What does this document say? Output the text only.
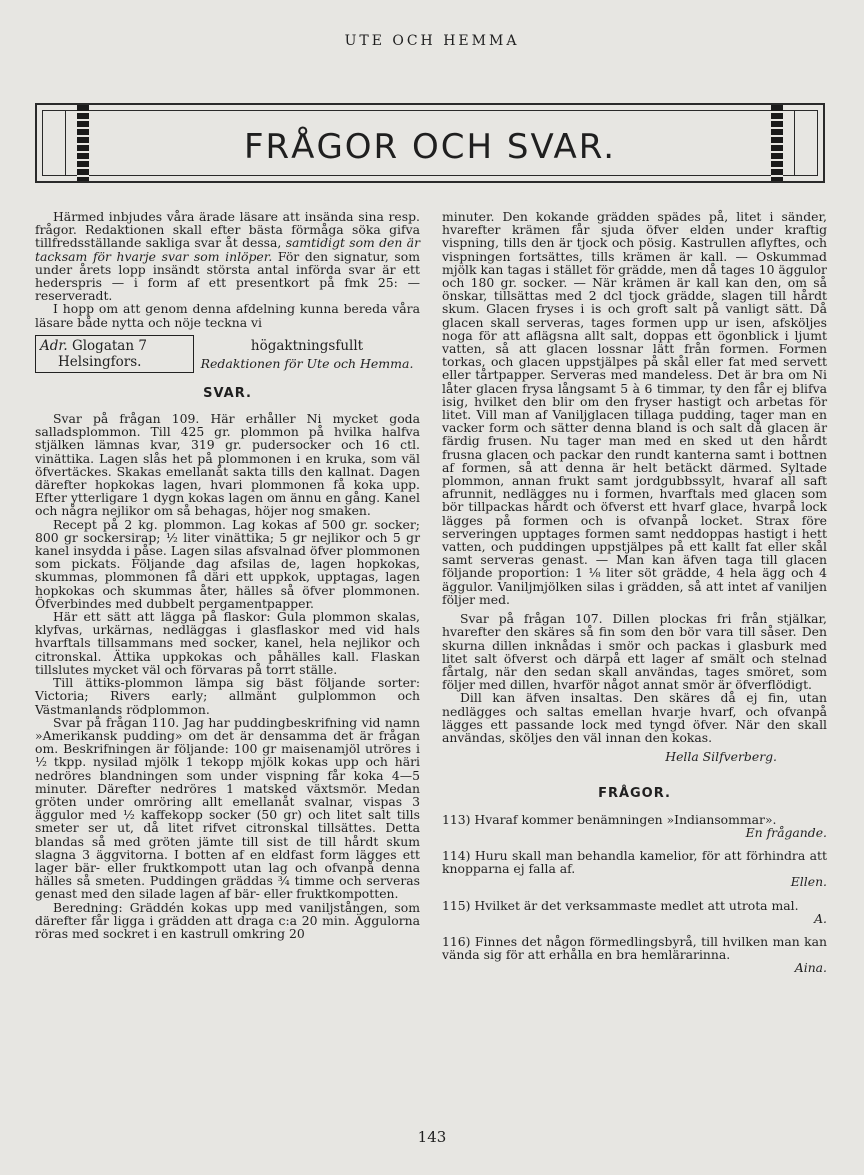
UTE OCH HEMMA
FRÅGOR OCH SVAR.

Härmed inbjudes våra ärade läsare att insända sina resp. frågor. Redaktionen skall efter bästa förmåga söka gifva tillfredsställande sakliga svar åt dessa, samtidigt som den är tacksam för hvarje svar som inlöper. För den signatur, som under årets lopp insändt största antal införda svar är ett hederspris — i form af ett presentkort på fmk 25: — reserveradt.

I hopp om att genom denna afdelning kunna bereda våra läsare både nytta och nöje teckna vi

Adr. Glogatan 7
Helsingfors.
högaktningsfullt
Redaktionen för Ute och Hemma.
SVAR.

Svar på frågan 109. Här erhåller Ni mycket goda salladsplommon. Till 425 gr. plommon på hvilka halfva stjälken lämnas kvar, 319 gr. pudersocker och 16 ctl. vinättika. Lagen slås het på plommonen i en kruka, som väl öfvertäckes. Skakas emellanåt sakta tills den kallnat. Dagen därefter hopkokas lagen, hvari plommonen få koka upp. Efter ytterligare 1 dygn kokas lagen om ännu en gång. Kanel och några nejlikor om så behagas, höjer nog smaken.

Recept på 2 kg. plommon. Lag kokas af 500 gr. socker; 800 gr sockersirap; ½ liter vinättika; 5 gr nejlikor och 5 gr kanel insydda i påse. Lagen silas afsvalnad öfver plommonen som pickats. Följande dag afsilas de, lagen hopkokas, skummas, plommonen få däri ett uppkok, upptagas, lagen hopkokas och skummas åter, hälles så öfver plommonen. Öfverbindes med dubbelt pergamentpapper.

Här ett sätt att lägga på flaskor: Gula plommon skalas, klyfvas, urkärnas, nedläggas i glasflaskor med vid hals hvarftals tillsammans med socker, kanel, hela nejlikor och citronskal. Ättika uppkokas och påhälles kall. Flaskan tillslutes mycket väl och förvaras på torrt ställe.

Till ättiks-plommon lämpa sig bäst följande sorter: Victoria; Rivers early; allmänt gulplommon och Västmanlands rödplommon.

Svar på frågan 110. Jag har puddingbeskrifning vid namn »Amerikansk pudding» om det är densamma det är frågan om. Beskrifningen är följande: 100 gr maisenamjöl utröres i ½ tkpp. nysilad mjölk 1 tekopp mjölk kokas upp och häri nedröres blandningen som under vispning får koka 4—5 minuter. Därefter nedröres 1 matsked växtsmör. Medan gröten under omröring allt emellanåt svalnar, vispas 3 äggulor med ½ kaffekopp socker (50 gr) och litet salt tills smeter ser ut, då litet rifvet citronskal tillsättes. Detta blandas så med gröten jämte till sist de till hårdt skum slagna 3 äggvitorna. I botten af en eldfast form lägges ett lager bär- eller fruktkompott utan lag och ofvanpå denna hälles så smeten. Puddingen gräddas ¾ timme och serveras genast med den silade lagen af bär- eller fruktkompotten.

Beredning: Gräddén kokas upp med vaniljstången, som därefter får ligga i grädden att draga c:a 20 min. Äggulorna röras med sockret i en kastrull omkring 20

minuter. Den kokande grädden spädes på, litet i sänder, hvarefter krämen får sjuda öfver elden under kraftig vispning, tills den är tjock och pösig. Kastrullen aflyftes, och vispningen fortsättes, tills krämen är kall. — Oskummad mjölk kan tagas i stället för grädde, men då tages 10 äggulor och 180 gr. socker. — När krämen är kall kan den, om så önskar, tillsättas med 2 dcl tjock grädde, slagen till hårdt skum. Glacen fryses i is och groft salt på vanligt sätt. Då glacen skall serveras, tages formen upp ur isen, afsköljes noga för att aflägsna allt salt, doppas ett ögonblick i ljumt vatten, så att glacen lossnar lätt från formen. Formen torkas, och glacen uppstjälpes på skål eller fat med servett eller tårtpapper. Serveras med mandeless. Det är bra om Ni låter glacen frysa långsamt 5 à 6 timmar, ty den får ej blifva isig, hvilket den blir om den fryser hastigt och arbetas för litet. Vill man af Vaniljglacen tillaga pudding, tager man en vacker form och sätter denna bland is och salt då glacen är färdig frusen. Nu tager man med en sked ut den hårdt frusna glacen och packar den rundt kanterna samt i bottnen af formen, så att denna är helt betäckt därmed. Syltade plommon, annan frukt samt jordgubbssylt, hvaraf all saft afrunnit, nedlägges nu i formen, hvarftals med glacen som bör tillpackas hårdt och öfverst ett hvarf glace, hvarpå lock lägges på formen och is ofvanpå locket. Strax före serveringen upptages formen samt neddoppas hastigt i hett vatten, och puddingen uppstjälpes på ett kallt fat eller skål samt serveras genast. — Man kan äfven taga till glacen följande proportion: 1 ⅛ liter söt grädde, 4 hela ägg och 4 äggulor. Vaniljmjölken silas i grädden, så att intet af vaniljen följer med.

Svar på frågan 107. Dillen plockas fri från stjälkar, hvarefter den skäres så fin som den bör vara till såser. Den skurna dillen inknådas i smör och packas i glasburk med litet salt öfverst och därpå ett lager af smält och stelnad fårtalg, när den sedan skall användas, tages smöret, som följer med dillen, hvarför något annat smör är öfverflödigt.

Dill kan äfven insaltas. Den skäres då ej fin, utan nedlägges och saltas emellan hvarje hvarf, och ofvanpå lägges ett passande lock med tyngd öfver. När den skall användas, sköljes den väl innan den kokas.

Hella Silfverberg.
FRÅGOR.

113) Hvaraf kommer benämningen »Indiansommar».

En frågande.

114) Huru skall man behandla kamelior, för att förhindra att knopparna ej falla af.

Ellen.

115) Hvilket är det verksammaste medlet att utrota mal.

A.

116) Finnes det någon förmedlingsbyrå, till hvilken man kan vända sig för att erhålla en bra hemlärarinna.

Aina.
143
